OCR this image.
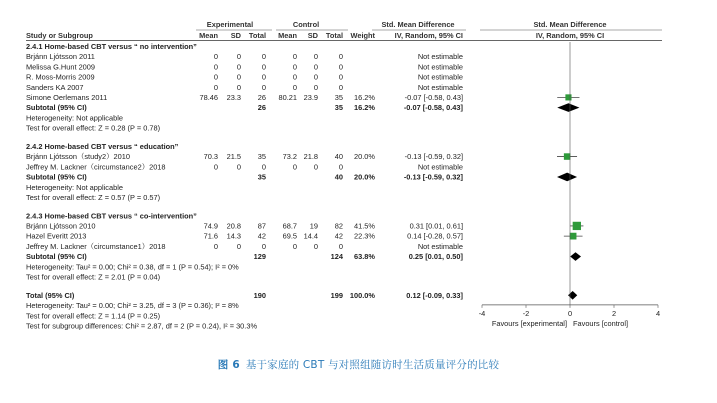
Experimental	Control	Std. Mean Difference	Std. Mean Difference
Study or Subgroup	Mean SD Total Mean SD Total Weight	IV, Random, 95% CI	IV, Random, 95% CI
2.4.1 Home-based CBT versus “ no intervention”
Brjánn Ljótsson 2011	0	0	0	0 0	0	Not estimable
Melissa G.Hunt 2009	0	0	0	0 0	0	Not estimable
R. Moss-Morris 2009	0	0	0	0 0	0	Not estimable
Sanders KA 2007	0	0	0	0 0	0	Not estimable
Simone Oerlemans 2011	78.46 23.3 26 80.21 23.9 35 16.2%	-0.07 [-0.58, 0.43]
Subtotal (95% CI)	26	35 16.2%	-0.07 [-0.58, 0.43]
Heterogeneity: Not applicable
Test for overall effect: Z = 0.28 (P = 0.78)
2.4.2 Home-based CBT versus “ education”
Brjánn Ljótsson（study2）2010	70.3 21.5 35 73.2 21.8 40 20.0%	-0.13 [-0.59, 0.32]
Jeffrey M. Lackner（circumstance2）2018	0	0	0	0 0	0	Not estimable
Subtotal (95% CI)	35	40 20.0%	-0.13 [-0.59, 0.32]
Heterogeneity: Not applicable
Test for overall effect: Z = 0.57 (P = 0.57)
2.4.3 Home-based CBT versus “ co-intervention”
Brjánn Ljótsson 2010	74.9 20.8 87 68.7 19 82 41.5%	0.31 [0.01, 0.61]
Hazel Everitt 2013	71.6 14.3 42 69.5 14.4 42 22.3%	0.14 [-0.28, 0.57]
Jeffrey M. Lackner（circumstance1）2018	0	0	0	0 0	0	Not estimable
Subtotal (95% CI)	129	124 63.8%	0.25 [0.01, 0.50]
Heterogeneity: Tau² = 0.00; Chi² = 0.38, df = 1 (P = 0.54); I² = 0%
Test for overall effect: Z = 2.01 (P = 0.04)
Total (95% CI)	190	199 100.0%	0.12 [-0.09, 0.33]
Heterogeneity: Tau² = 0.00; Chi² = 3.25, df = 3 (P = 0.36); I² = 8%
Test for overall effect: Z = 1.14 (P = 0.25)
Test for subgroup differences: Chi² = 2.87, df = 2 (P = 0.24), I² = 30.3%
-4	-2	0	2	4
Favours [experimental] Favours [control]
图 6 基于家庭的 CBT 与对照组随访时生活质量评分的比较
